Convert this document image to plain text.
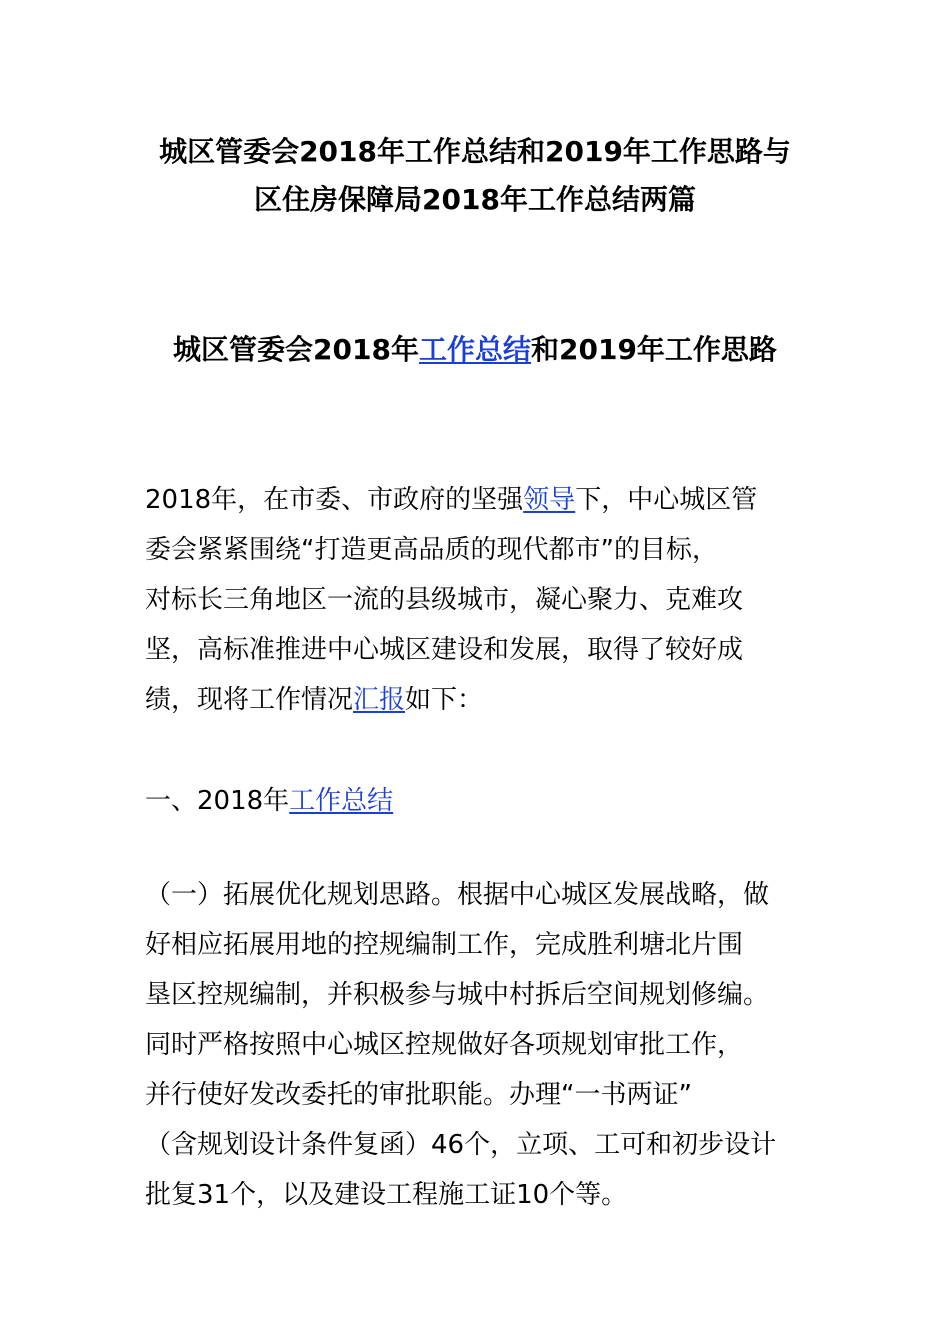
城区管委会2018年工作总结和2019年工作思路与
区住房保障局2018年工作总结两篇
城区管委会2018年工作总结和2019年工作思路
2018年，在市委、市政府的坚强领导下，中心城区管
委会紧紧围绕“打造更高品质的现代都市”的目标，
对标长三角地区一流的县级城市，凝心聚力、克难攻
坚，高标准推进中心城区建设和发展，取得了较好成
绩，现将工作情况汇报如下：
一、2018年工作总结
（一）拓展优化规划思路。根据中心城区发展战略，做
好相应拓展用地的控规编制工作，完成胜利塘北片围
垦区控规编制，并积极参与城中村拆后空间规划修编。
同时严格按照中心城区控规做好各项规划审批工作，
并行使好发改委托的审批职能。办理“一书两证”
（含规划设计条件复函）46个，立项、工可和初步设计
批复31个，以及建设工程施工证10个等。
